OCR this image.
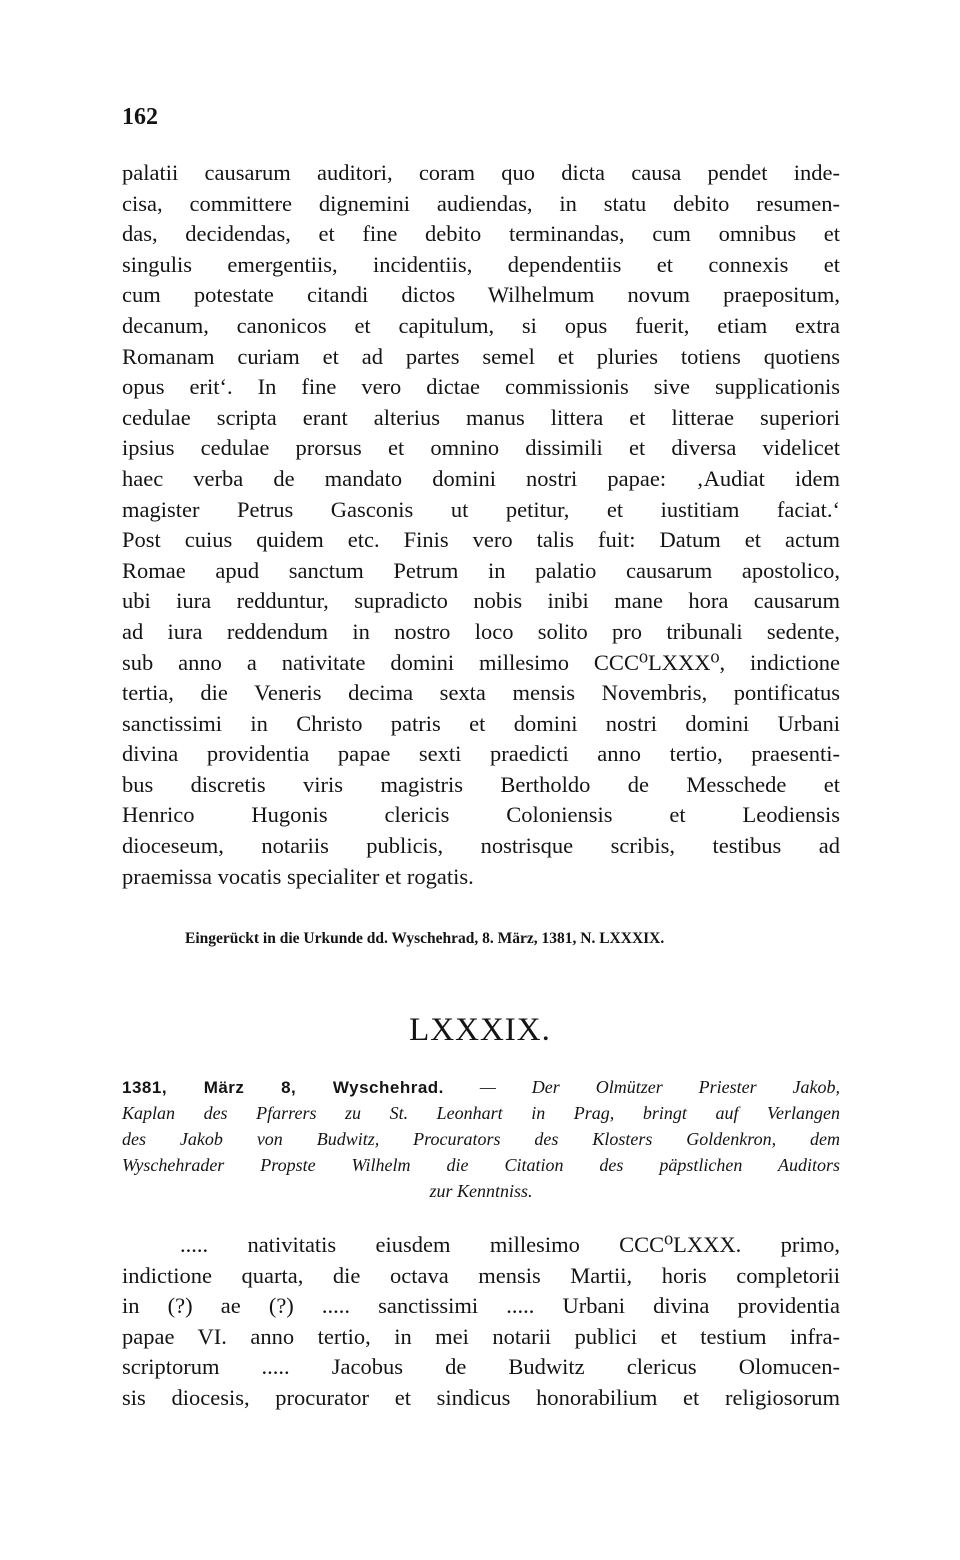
162
palatii causarum auditori, coram quo dicta causa pendet inde-
cisa, committere dignemini audiendas, in statu debito resumen-
das, decidendas, et fine debito terminandas, cum omnibus et
singulis emergentiis, incidentiis, dependentiis et connexis et
cum potestate citandi dictos Wilhelmum novum praepositum,
decanum, canonicos et capitulum, si opus fuerit, etiam extra
Romanam curiam et ad partes semel et pluries totiens quotiens
opus erit‘. In fine vero dictae commissionis sive supplicationis
cedulae scripta erant alterius manus littera et litterae superiori
ipsius cedulae prorsus et omnino dissimili et diversa videlicet
haec verba de mandato domini nostri papae: ‚Audiat idem
magister Petrus Gasconis ut petitur, et iustitiam faciat.‘
Post cuius quidem etc. Finis vero talis fuit: Datum et actum
Romae apud sanctum Petrum in palatio causarum apostolico,
ubi iura redduntur, supradicto nobis inibi mane hora causarum
ad iura reddendum in nostro loco solito pro tribunali sedente,
sub anno a nativitate domini millesimo CCC⁰LXXX⁰, indictione
tertia, die Veneris decima sexta mensis Novembris, pontificatus
sanctissimi in Christo patris et domini nostri domini Urbani
divina providentia papae sexti praedicti anno tertio, praesenti-
bus discretis viris magistris Bertholdo de Messchede et
Henrico Hugonis clericis Coloniensis et Leodiensis
dioceseum, notariis publicis, nostrisque scribis, testibus ad
praemissa vocatis specialiter et rogatis.
Eingerückt in die Urkunde dd. Wyschehrad, 8. März, 1381, N. LXXXIX.
LXXXIX.
1381, März 8, Wyschehrad. — Der Olmützer Priester Jakob,
Kaplan des Pfarrers zu St. Leonhart in Prag, bringt auf Verlangen
des Jakob von Budwitz, Procurators des Klosters Goldenkron, dem
Wyschehrader Propste Wilhelm die Citation des päpstlichen Auditors
zur Kenntniss.
..... nativitatis eiusdem millesimo CCC⁰LXXX. primo,
indictione quarta, die octava mensis Martii, horis completorii
in (?) ae (?) ..... sanctissimi ..... Urbani divina providentia
papae VI. anno tertio, in mei notarii publici et testium infra-
scriptorum ..... Jacobus de Budwitz clericus Olomucen-
sis diocesis, procurator et sindicus honorabilium et religiosorum
